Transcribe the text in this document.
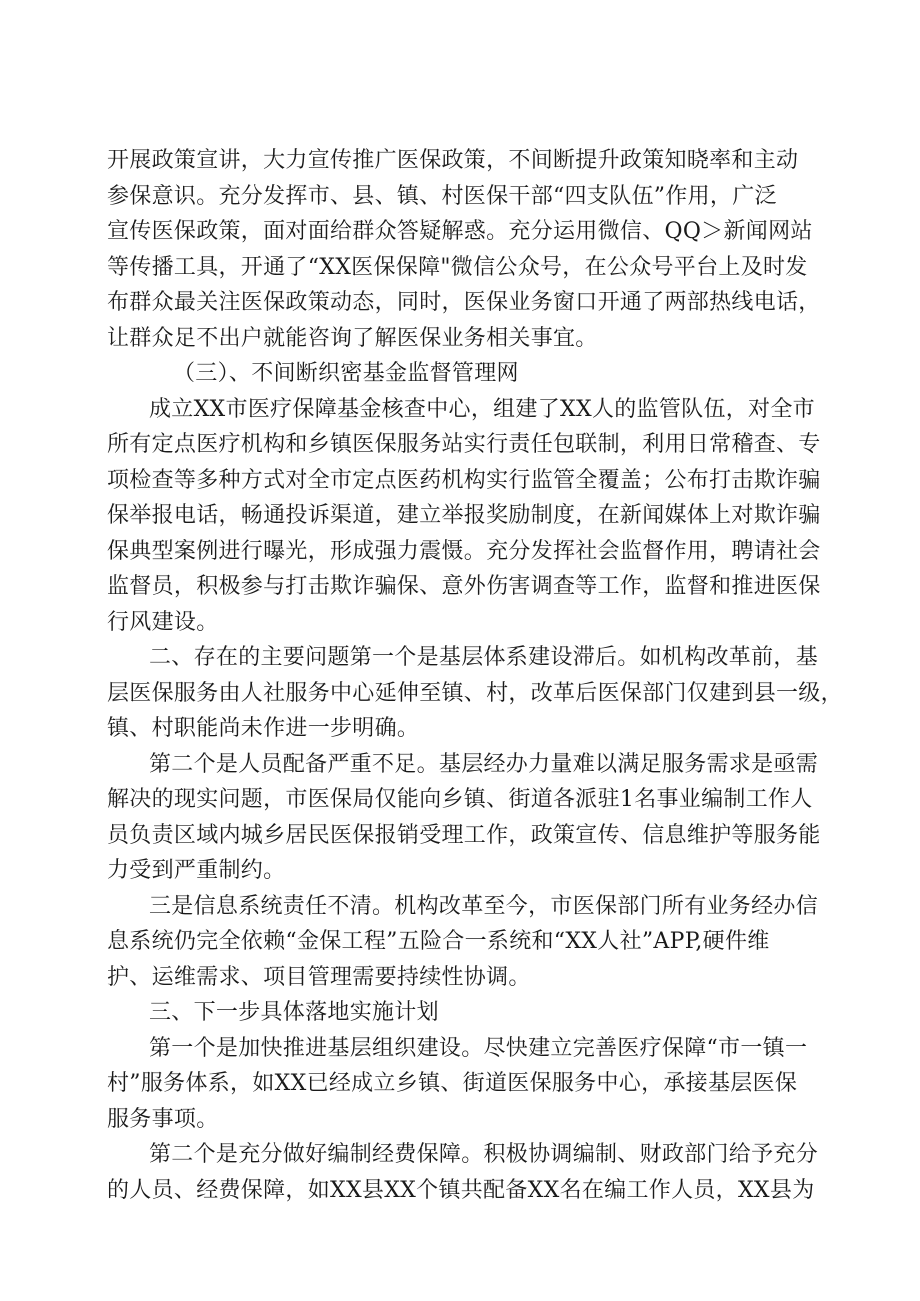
开展政策宣讲，大力宣传推广医保政策，不间断提升政策知晓率和主动
参保意识。充分发挥市、县、镇、村医保干部“四支队伍”作用，广泛
宣传医保政策，面对面给群众答疑解惑。充分运用微信、QQ＞新闻网站
等传播工具，开通了“XX医保保障"微信公众号，在公众号平台上及时发
布群众最关注医保政策动态，同时，医保业务窗口开通了两部热线电话，
让群众足不出户就能咨询了解医保业务相关事宜。
（三）、不间断织密基金监督管理网
成立XX市医疗保障基金核查中心，组建了XX人的监管队伍，对全市
所有定点医疗机构和乡镇医保服务站实行责任包联制，利用日常稽查、专
项检查等多种方式对全市定点医药机构实行监管全覆盖；公布打击欺诈骗
保举报电话，畅通投诉渠道，建立举报奖励制度，在新闻媒体上对欺诈骗
保典型案例进行曝光，形成强力震慑。充分发挥社会监督作用，聘请社会
监督员，积极参与打击欺诈骗保、意外伤害调查等工作，监督和推进医保
行风建设。
二、存在的主要问题第一个是基层体系建设滞后。如机构改革前，基
层医保服务由人社服务中心延伸至镇、村，改革后医保部门仅建到县一级，
镇、村职能尚未作进一步明确。
第二个是人员配备严重不足。基层经办力量难以满足服务需求是亟需
解决的现实问题，市医保局仅能向乡镇、街道各派驻1名事业编制工作人
员负责区域内城乡居民医保报销受理工作，政策宣传、信息维护等服务能
力受到严重制约。
三是信息系统责任不清。机构改革至今，市医保部门所有业务经办信
息系统仍完全依赖“金保工程”五险合一系统和“XX人社”APP,硬件维
护、运维需求、项目管理需要持续性协调。
三、下一步具体落地实施计划
第一个是加快推进基层组织建设。尽快建立完善医疗保障“市一镇一
村”服务体系，如XX已经成立乡镇、街道医保服务中心，承接基层医保
服务事项。
第二个是充分做好编制经费保障。积极协调编制、财政部门给予充分
的人员、经费保障，如XX县XX个镇共配备XX名在编工作人员，XX县为
